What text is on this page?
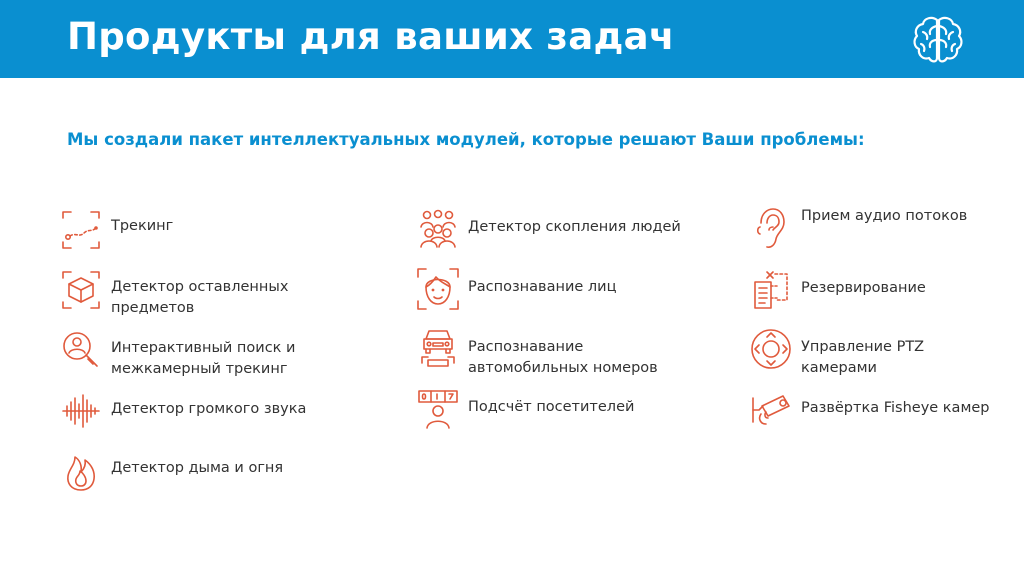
Продукты для ваших задач

Мы создали пакет интеллектуальных модулей, которые решают Ваши проблемы:

Трекинг
Детектор оставленных предметов
Интерактивный поиск и межкамерный трекинг
Детектор громкого звука
Детектор дыма и огня
Детектор скопления людей
Распознавание лиц
Распознавание автомобильных номеров
Подсчёт посетителей
Прием аудио потоков
Резервирование
Управление PTZ камерами
Развёртка Fisheye камер
